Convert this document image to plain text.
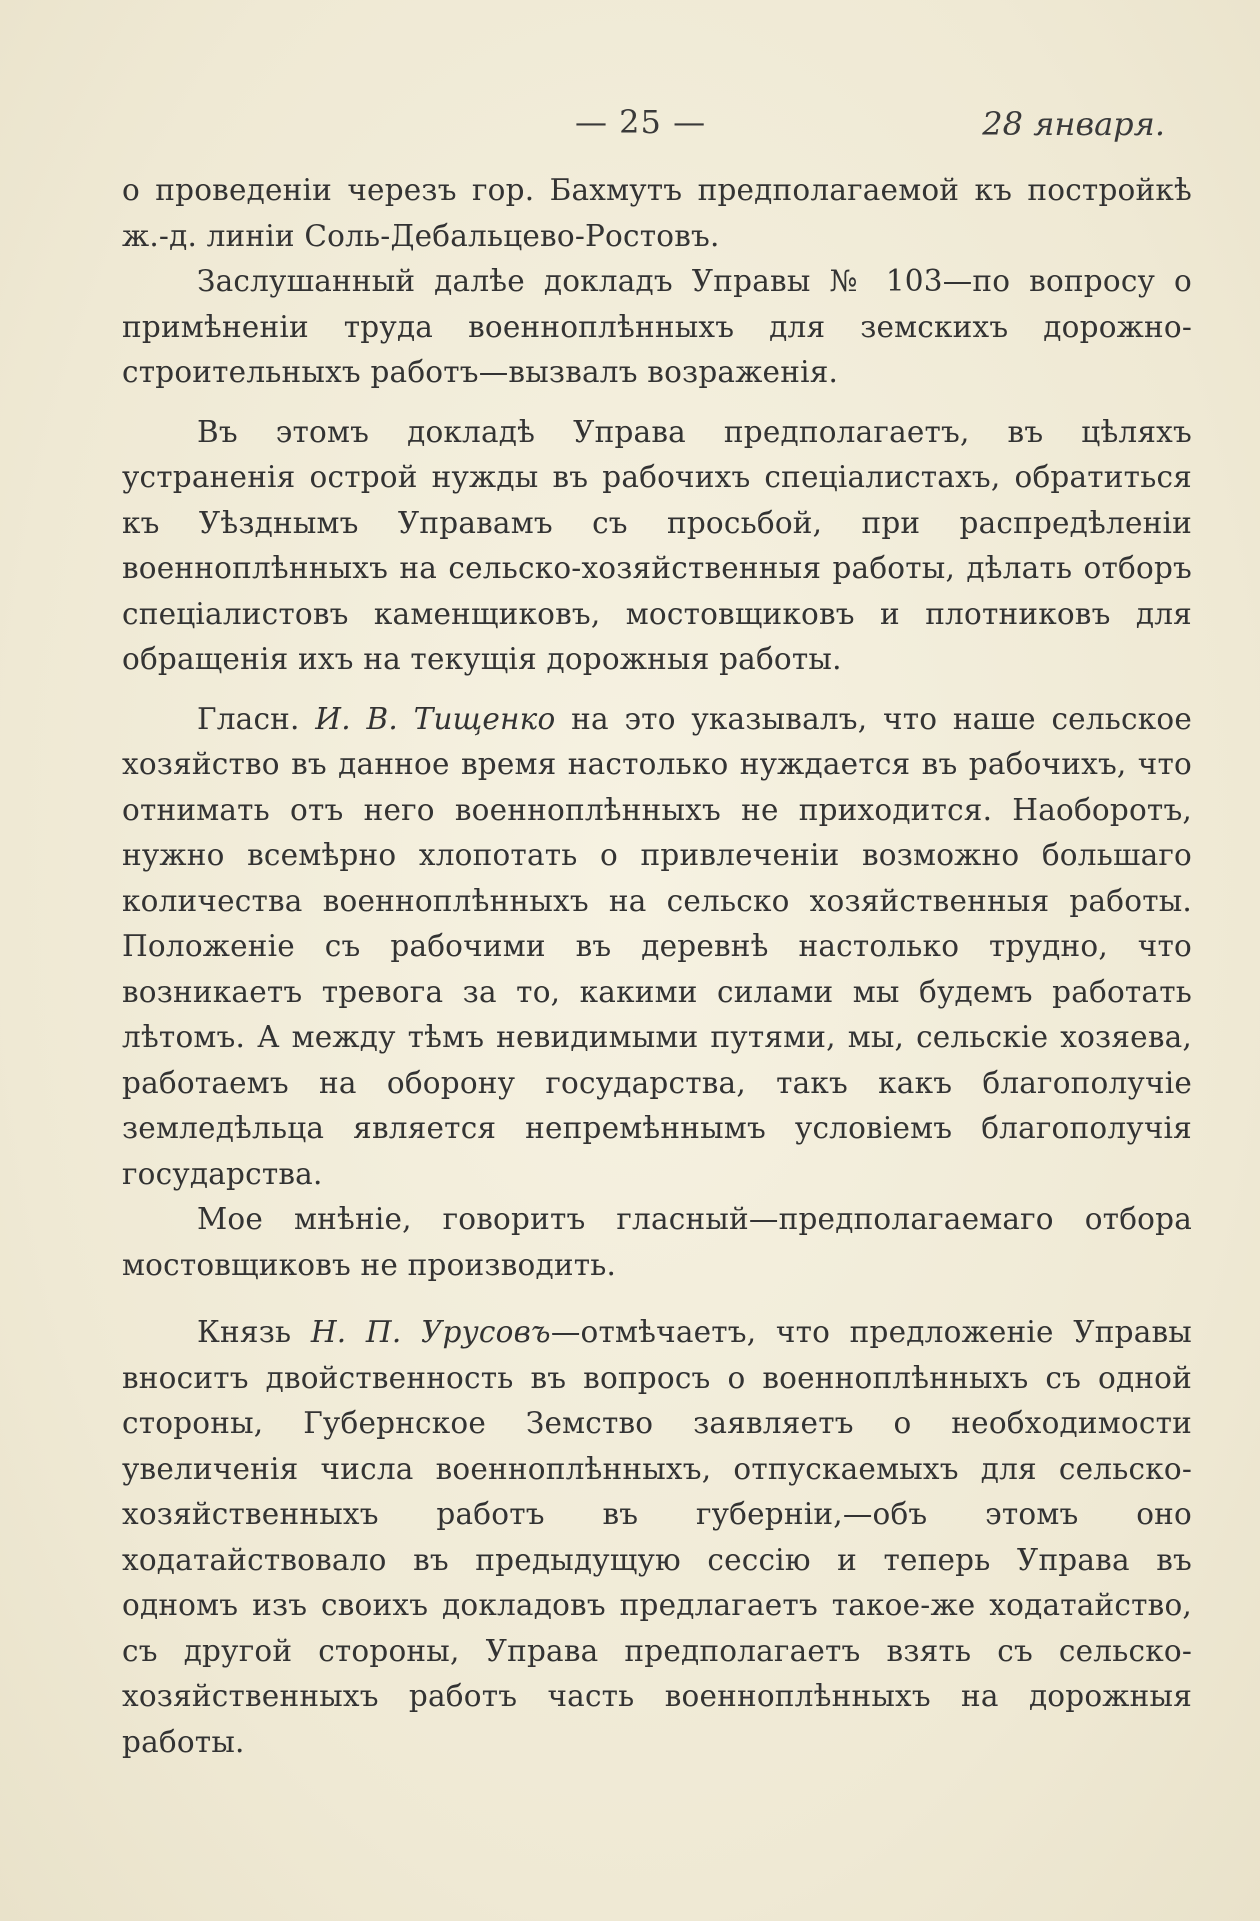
— 25 —	28 января.

о проведеніи черезъ гор. Бахмутъ предполагаемой къ постройкѣ ж.-д. линіи Соль-Дебальцево-Ростовъ.

Заслушанный далѣе докладъ Управы № 103—по вопросу о примѣненіи труда военноплѣнныхъ для земскихъ дорожно-строительныхъ работъ—вызвалъ возраженія.

Въ этомъ докладѣ Управа предполагаетъ, въ цѣляхъ устраненія острой нужды въ рабочихъ спеціалистахъ, обратиться къ Уѣзднымъ Управамъ съ просьбой, при распредѣленіи военноплѣнныхъ на сельско-хозяйственныя работы, дѣлать отборъ спеціалистовъ каменщиковъ, мостовщиковъ и плотниковъ для обращенія ихъ на текущія дорожныя работы.

Гласн. И. В. Тищенко на это указывалъ, что наше сельское хозяйство въ данное время настолько нуждается въ рабочихъ, что отнимать отъ него военноплѣнныхъ не приходится. Наоборотъ, нужно всемѣрно хлопотать о привлеченіи возможно большаго количества военноплѣнныхъ на сельско хозяйственныя работы. Положеніе съ рабочими въ деревнѣ настолько трудно, что возникаетъ тревога за то, какими силами мы будемъ работать лѣтомъ. А между тѣмъ невидимыми путями, мы, сельскіе хозяева, работаемъ на оборону государства, такъ какъ благополучіе земледѣльца является непремѣннымъ условіемъ благополучія государства.

Мое мнѣніе, говоритъ гласный—предполагаемаго отбора мостовщиковъ не производить.

Князь Н. П. Урусовъ—отмѣчаетъ, что предложеніе Управы вноситъ двойственность въ вопросъ о военноплѣнныхъ съ одной стороны, Губернское Земство заявляетъ о необходимости увеличенія числа военноплѣнныхъ, отпускаемыхъ для сельско-хозяйственныхъ работъ въ губерніи,—объ этомъ оно ходатайствовало въ предыдущую сессію и теперь Управа въ одномъ изъ своихъ докладовъ предлагаетъ такое-же ходатайство, съ другой стороны, Управа предполагаетъ взять съ сельско-хозяйственныхъ работъ часть военноплѣнныхъ на дорожныя работы.
